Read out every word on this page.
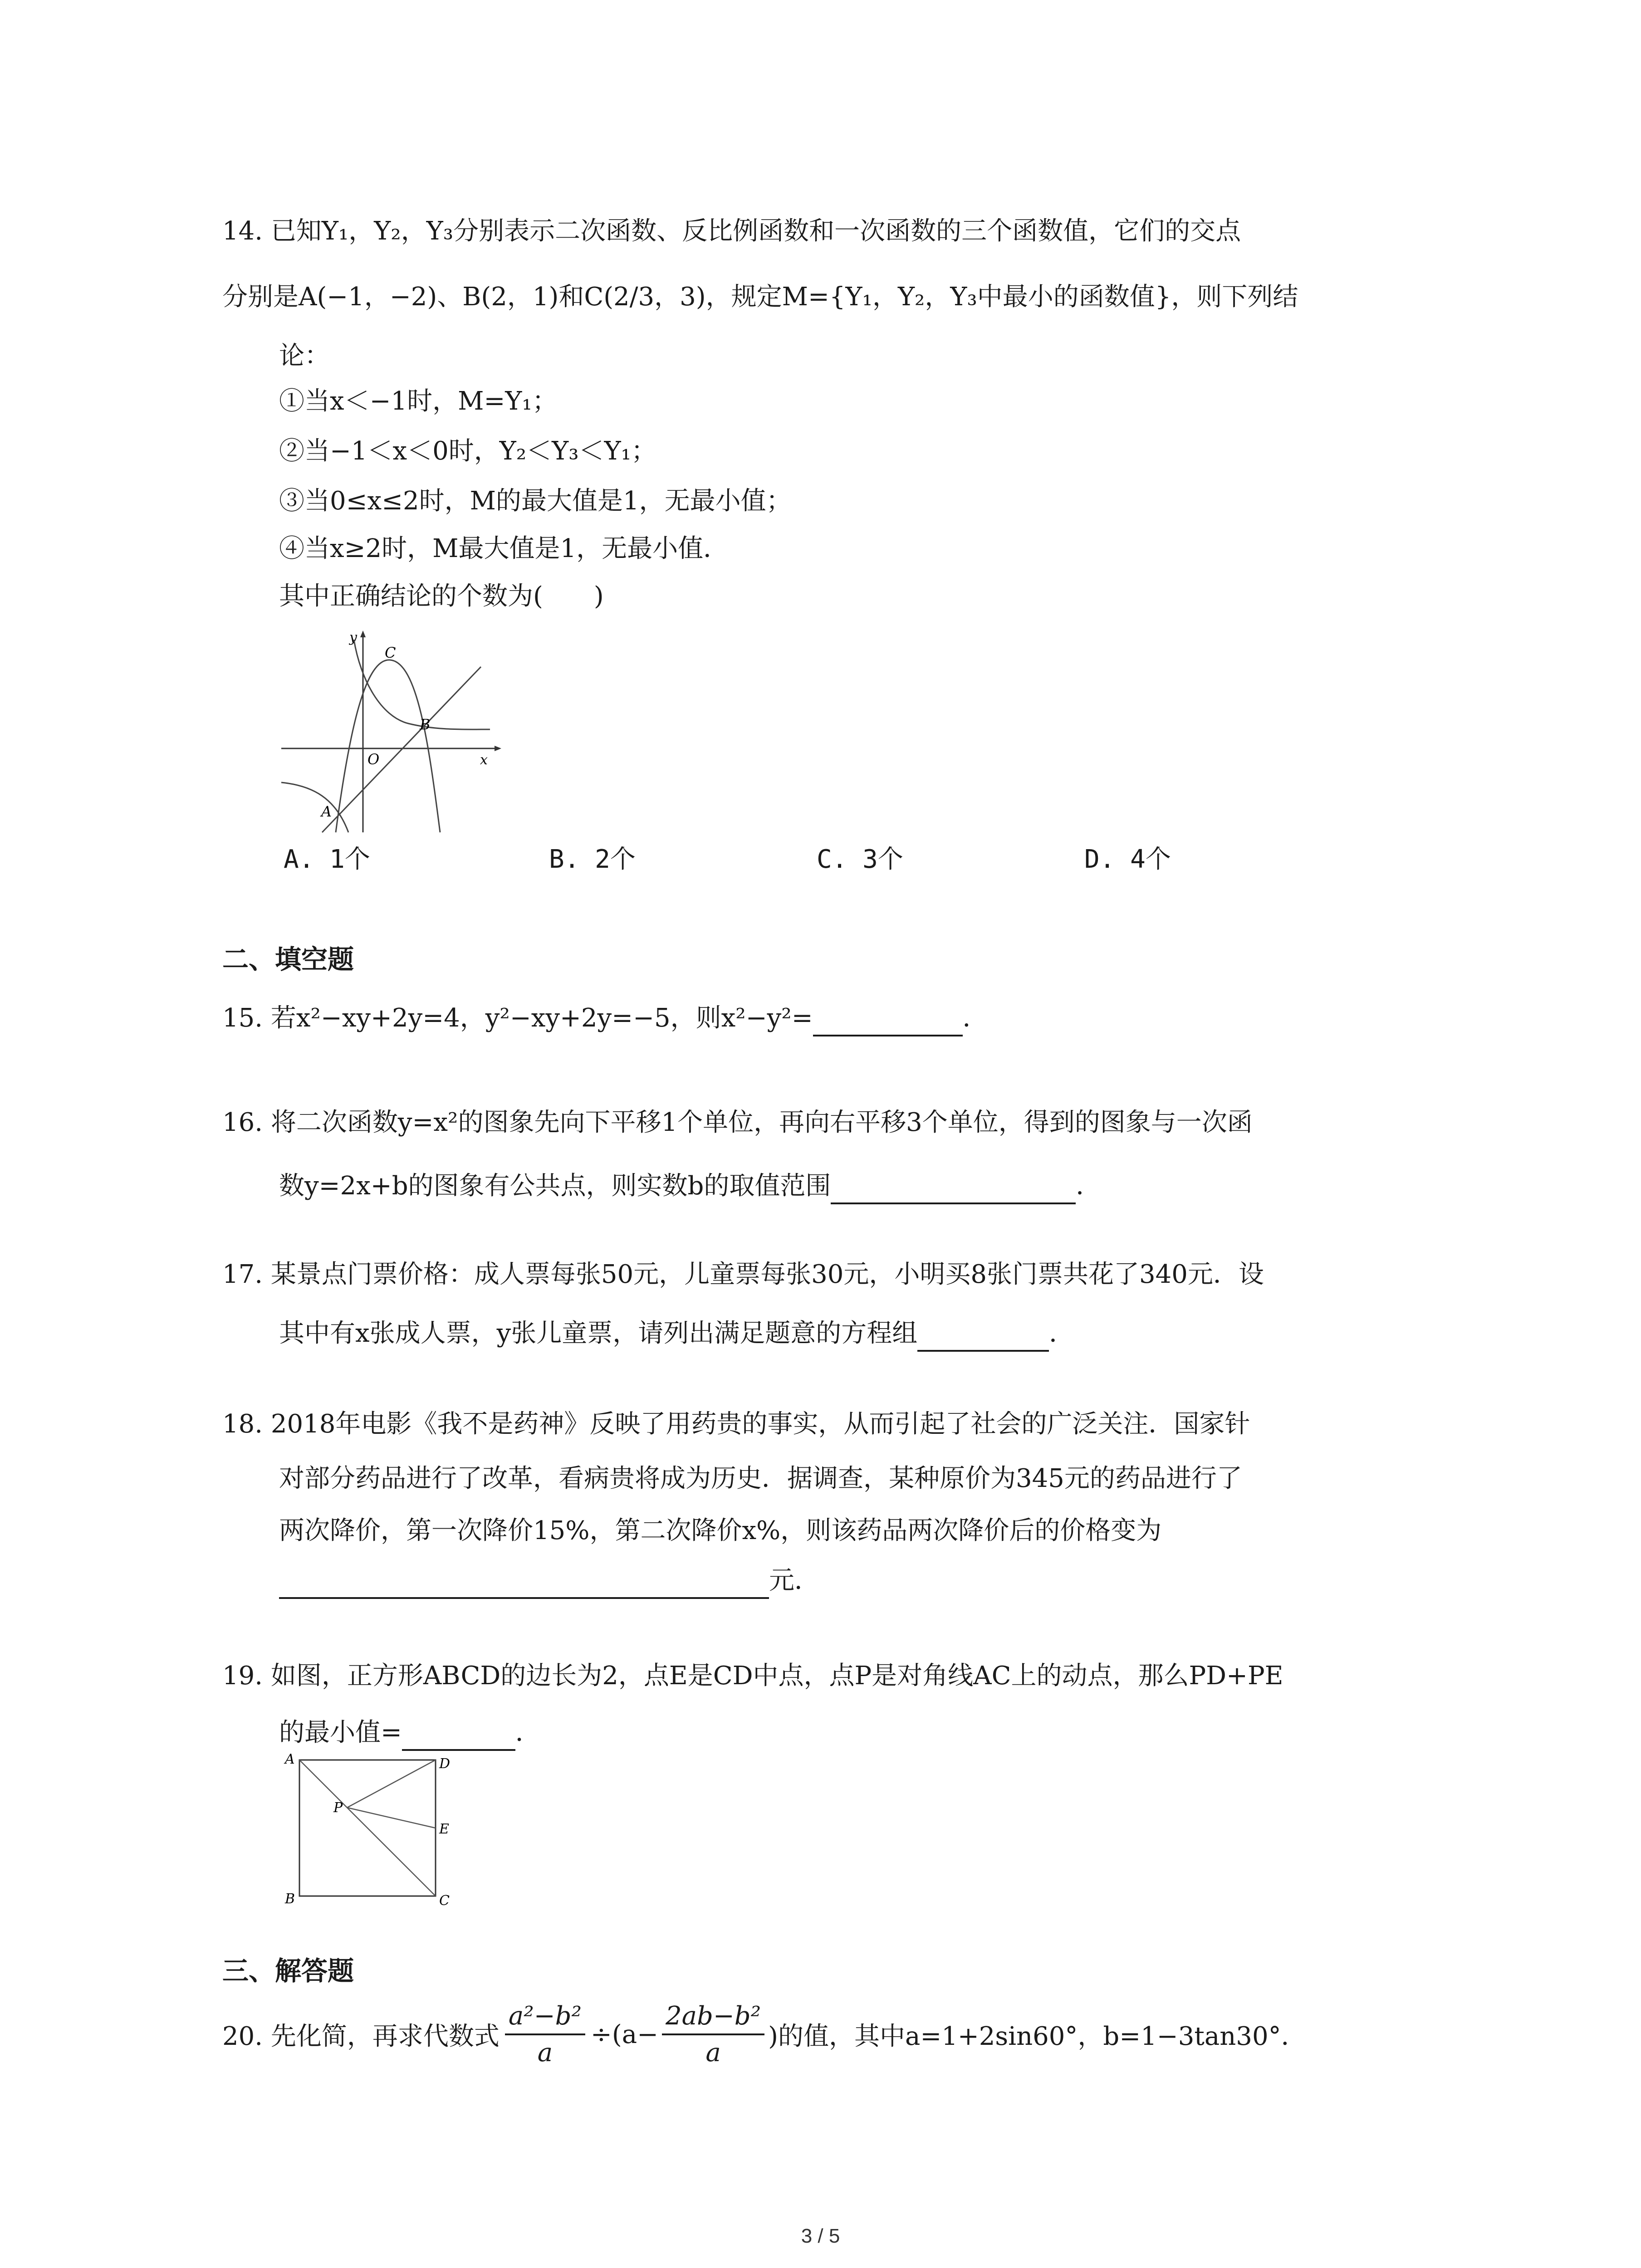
14. 已知Y₁，Y₂，Y₃分别表示二次函数、反比例函数和一次函数的三个函数值，它们的交点
分别是A(−1，−2)、B(2，1)和C(2/3，3)，规定M={Y₁，Y₂，Y₃中最小的函数值}，则下列结
论：
①当x＜−1时，M=Y₁；
②当−1＜x＜0时，Y₂＜Y₃＜Y₁；
③当0≤x≤2时，M的最大值是1，无最小值；
④当x≥2时，M最大值是1，无最小值．
其中正确结论的个数为(　　)
y
x
O
C
B
A
A. 1个	B. 2个	C. 3个	D. 4个
二、填空题
15. 若x²−xy+2y=4，y²−xy+2y=−5，则x²−y²=	．
16. 将二次函数y=x²的图象先向下平移1个单位，再向右平移3个单位，得到的图象与一次函
数y=2x+b的图象有公共点，则实数b的取值范围	．
17. 某景点门票价格：成人票每张50元，儿童票每张30元，小明买8张门票共花了340元．设
其中有x张成人票，y张儿童票，请列出满足题意的方程组	．
18. 2018年电影《我不是药神》反映了用药贵的事实，从而引起了社会的广泛关注．国家针
对部分药品进行了改革，看病贵将成为历史．据调查，某种原价为345元的药品进行了
两次降价，第一次降价15%，第二次降价x%，则该药品两次降价后的价格变为
元．
19. 如图，正方形ABCD的边长为2，点E是CD中点，点P是对角线AC上的动点，那么PD+PE
的最小值=	．
A	D
E
P
B	C
三、解答题
20. 先化简，再求代数式
a²−b²
a
÷(a−
2ab−b²
a
)的值，其中a=1+2sin60°，b=1−3tan30°．
3 / 5
